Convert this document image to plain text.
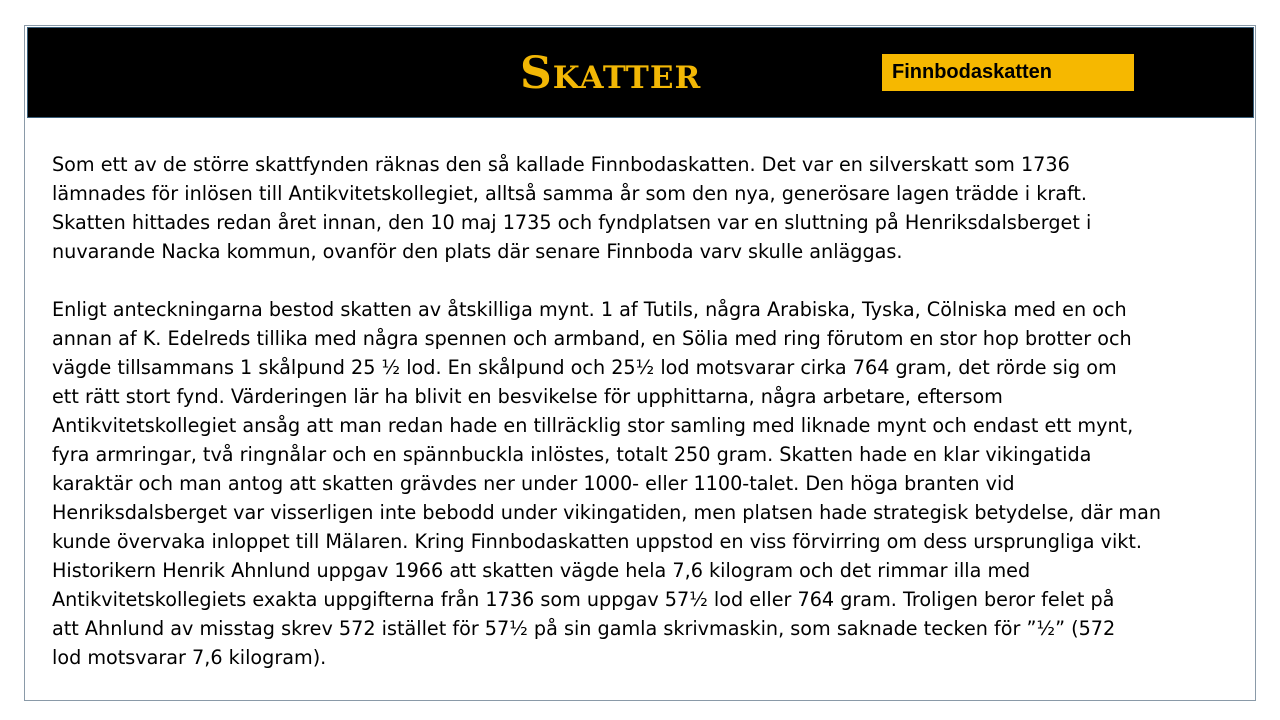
Skatter	Finnbodaskatten

Som ett av de större skattfynden räknas den så kallade Finnbodaskatten. Det var en silverskatt som 1736
lämnades för inlösen till Antikvitetskollegiet, alltså samma år som den nya, generösare lagen trädde i kraft.
Skatten hittades redan året innan, den 10 maj 1735 och fyndplatsen var en sluttning på Henriksdalsberget i
nuvarande Nacka kommun, ovanför den plats där senare Finnboda varv skulle anläggas.

Enligt anteckningarna bestod skatten av åtskilliga mynt. 1 af Tutils, några Arabiska, Tyska, Cölniska med en och
annan af K. Edelreds tillika med några spennen och armband, en Sölia med ring förutom en stor hop brotter och
vägde tillsammans 1 skålpund 25 ½ lod. En skålpund och 25½ lod motsvarar cirka 764 gram, det rörde sig om
ett rätt stort fynd. Värderingen lär ha blivit en besvikelse för upphittarna, några arbetare, eftersom
Antikvitetskollegiet ansåg att man redan hade en tillräcklig stor samling med liknade mynt och endast ett mynt,
fyra armringar, två ringnålar och en spännbuckla inlöstes, totalt 250 gram. Skatten hade en klar vikingatida
karaktär och man antog att skatten grävdes ner under 1000- eller 1100-talet. Den höga branten vid
Henriksdalsberget var visserligen inte bebodd under vikingatiden, men platsen hade strategisk betydelse, där man
kunde övervaka inloppet till Mälaren. Kring Finnbodaskatten uppstod en viss förvirring om dess ursprungliga vikt.
Historikern Henrik Ahnlund uppgav 1966 att skatten vägde hela 7,6 kilogram och det rimmar illa med
Antikvitetskollegiets exakta uppgifterna från 1736 som uppgav 57½ lod eller 764 gram. Troligen beror felet på
att Ahnlund av misstag skrev 572 istället för 57½ på sin gamla skrivmaskin, som saknade tecken för ”½” (572
lod motsvarar 7,6 kilogram).
